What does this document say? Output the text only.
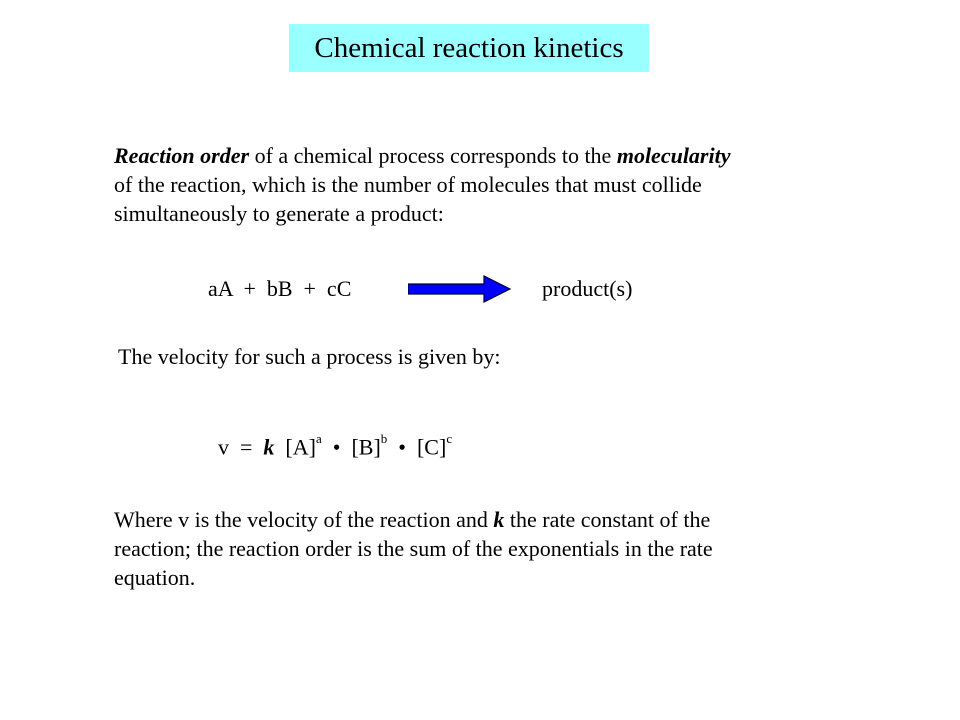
Chemical reaction kinetics

Reaction order of a chemical process corresponds to the molecularity
of the reaction, which is the number of molecules that must collide
simultaneously to generate a product:

aA  +  bB  +  cC	product(s)
The velocity for such a process is given by:
v  =  k  $[A]^a$  •  $[B]^b$  •  $[C]^c$

Where v is the velocity of the reaction and k the rate constant of the
reaction; the reaction order is the sum of the exponentials in the rate
equation.
